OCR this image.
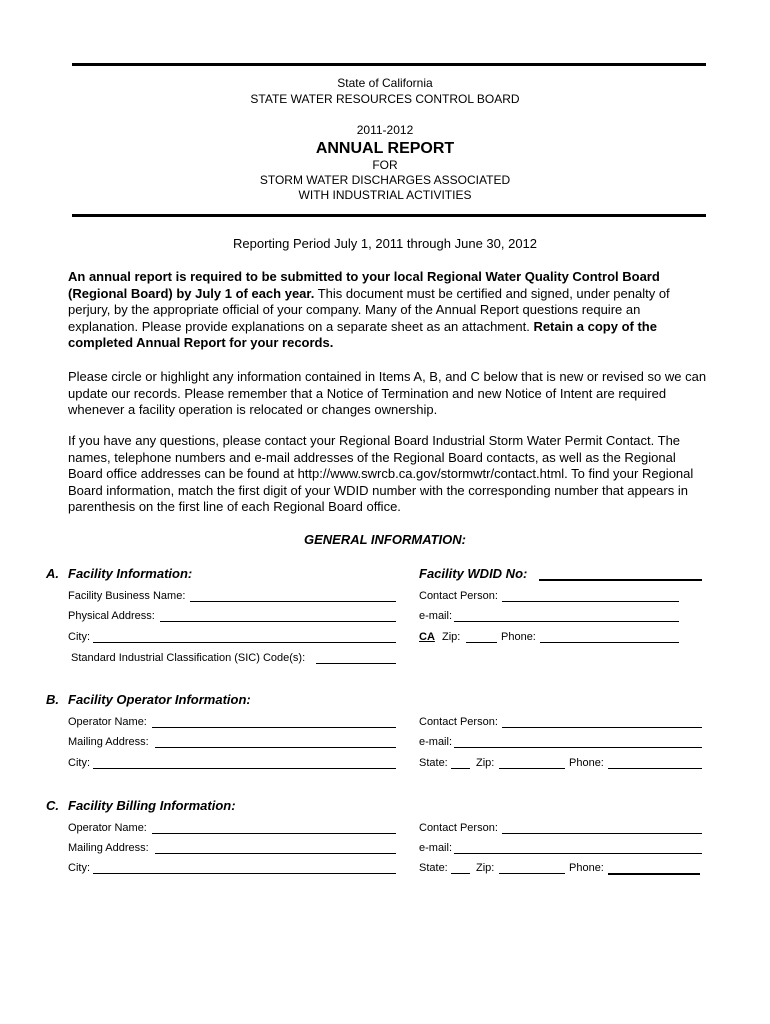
State of California
STATE WATER RESOURCES CONTROL BOARD
2011-2012
ANNUAL REPORT
FOR
STORM WATER DISCHARGES ASSOCIATED
WITH INDUSTRIAL ACTIVITIES
Reporting Period July 1, 2011 through June 30, 2012
An annual report is required to be submitted to your local Regional Water Quality Control Board (Regional Board) by July 1 of each year. This document must be certified and signed, under penalty of perjury, by the appropriate official of your company. Many of the Annual Report questions require an explanation. Please provide explanations on a separate sheet as an attachment. Retain a copy of the completed Annual Report for your records.
Please circle or highlight any information contained in Items A, B, and C below that is new or revised so we can update our records. Please remember that a Notice of Termination and new Notice of Intent are required whenever a facility operation is relocated or changes ownership.
If you have any questions, please contact your Regional Board Industrial Storm Water Permit Contact. The names, telephone numbers and e-mail addresses of the Regional Board contacts, as well as the Regional Board office addresses can be found at http://www.swrcb.ca.gov/stormwtr/contact.html. To find your Regional Board information, match the first digit of your WDID number with the corresponding number that appears in parenthesis on the first line of each Regional Board office.
GENERAL INFORMATION:
A. Facility Information:	Facility WDID No:
Facility Business Name:	Contact Person:
Physical Address:	e-mail:
City:	CA Zip:	Phone:
Standard Industrial Classification (SIC) Code(s):
B. Facility Operator Information:
Operator Name:	Contact Person:
Mailing Address:	e-mail:
City:	State:	Zip:	Phone:
C. Facility Billing Information:
Operator Name:	Contact Person:
Mailing Address:	e-mail:
City:	State:	Zip:	Phone:
